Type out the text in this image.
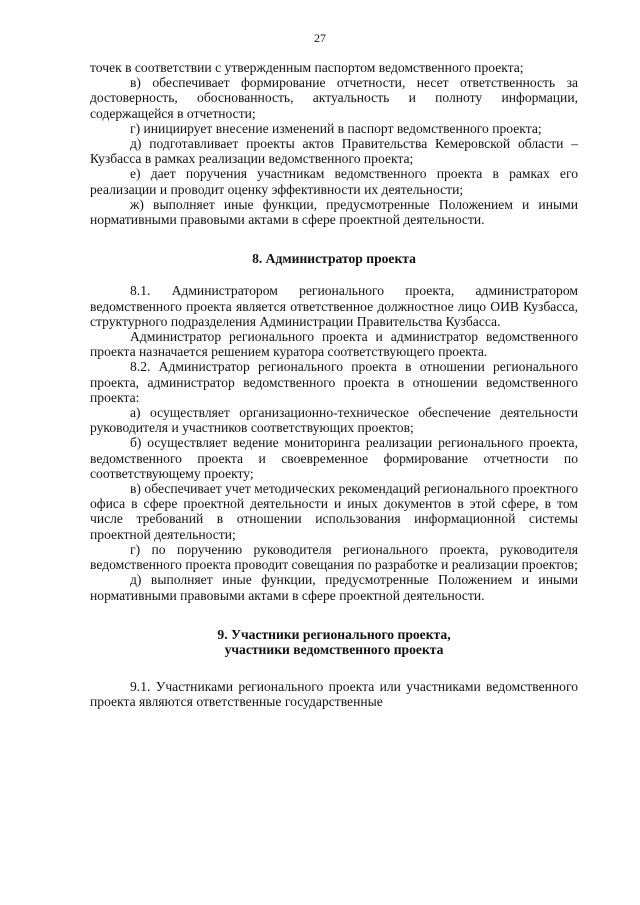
27

точек в соответствии с утвержденным паспортом ведомственного проекта;

в) обеспечивает формирование отчетности, несет ответственность за достоверность, обоснованность, актуальность и полноту информации, содержащейся в отчетности;

г) инициирует внесение изменений в паспорт ведомственного проекта;

д) подготавливает проекты актов Правительства Кемеровской области – Кузбасса в рамках реализации ведомственного проекта;

е) дает поручения участникам ведомственного проекта в рамках его реализации и проводит оценку эффективности их деятельности;

ж) выполняет иные функции, предусмотренные Положением и иными нормативными правовыми актами в сфере проектной деятельности.

8. Администратор проекта

8.1. Администратором регионального проекта, администратором ведомственного проекта является ответственное должностное лицо ОИВ Кузбасса, структурного подразделения Администрации Правительства Кузбасса.

Администратор регионального проекта и администратор ведомственного проекта назначается решением куратора соответствующего проекта.

8.2. Администратор регионального проекта в отношении регионального проекта, администратор ведомственного проекта в отношении ведомственного проекта:

а) осуществляет организационно-техническое обеспечение деятельности руководителя и участников соответствующих проектов;

б) осуществляет ведение мониторинга реализации регионального проекта, ведомственного проекта и своевременное формирование отчетности по соответствующему проекту;

в) обеспечивает учет методических рекомендаций регионального проектного офиса в сфере проектной деятельности и иных документов в этой сфере, в том числе требований в отношении использования информационной системы проектной деятельности;

г) по поручению руководителя регионального проекта, руководителя ведомственного проекта проводит совещания по разработке и реализации проектов;

д) выполняет иные функции, предусмотренные Положением и иными нормативными правовыми актами в сфере проектной деятельности.

9. Участники регионального проекта,
участники ведомственного проекта

9.1. Участниками регионального проекта или участниками ведомственного проекта являются ответственные государственные
